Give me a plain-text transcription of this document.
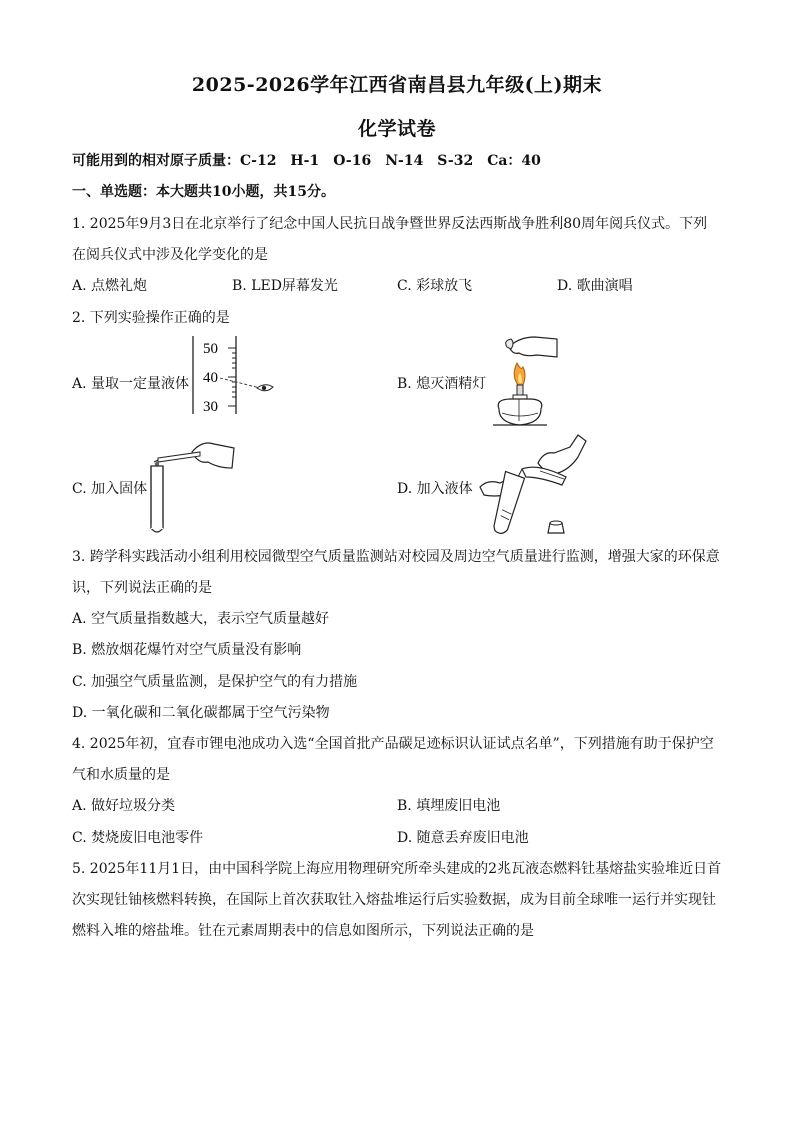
2025-2026学年江西省南昌县九年级(上)期末
化学试卷
可能用到的相对原子质量：C-12　H-1　O-16　N-14　S-32　Ca：40
一、单选题：本大题共10小题，共15分。
1. 2025年9月3日在北京举行了纪念中国人民抗日战争暨世界反法西斯战争胜利80周年阅兵仪式。下列
在阅兵仪式中涉及化学变化的是
A. 点燃礼炮	B. LED屏幕发光	C. 彩球放飞	D. 歌曲演唱
2. 下列实验操作正确的是
A. 量取一定量液体	B. 熄灭酒精灯
C. 加入固体	D. 加入液体
50
40
30
3. 跨学科实践活动小组利用校园微型空气质量监测站对校园及周边空气质量进行监测，增强大家的环保意
识，下列说法正确的是
A. 空气质量指数越大，表示空气质量越好
B. 燃放烟花爆竹对空气质量没有影响
C. 加强空气质量监测，是保护空气的有力措施
D. 一氧化碳和二氧化碳都属于空气污染物
4. 2025年初，宜春市锂电池成功入选“全国首批产品碳足迹标识认证试点名单”，下列措施有助于保护空
气和水质量的是
A. 做好垃圾分类	B. 填埋废旧电池
C. 焚烧废旧电池零件	D. 随意丢弃废旧电池
5. 2025年11月1日，由中国科学院上海应用物理研究所牵头建成的2兆瓦液态燃料钍基熔盐实验堆近日首
次实现钍铀核燃料转换，在国际上首次获取钍入熔盐堆运行后实验数据，成为目前全球唯一运行并实现钍
燃料入堆的熔盐堆。钍在元素周期表中的信息如图所示，下列说法正确的是
